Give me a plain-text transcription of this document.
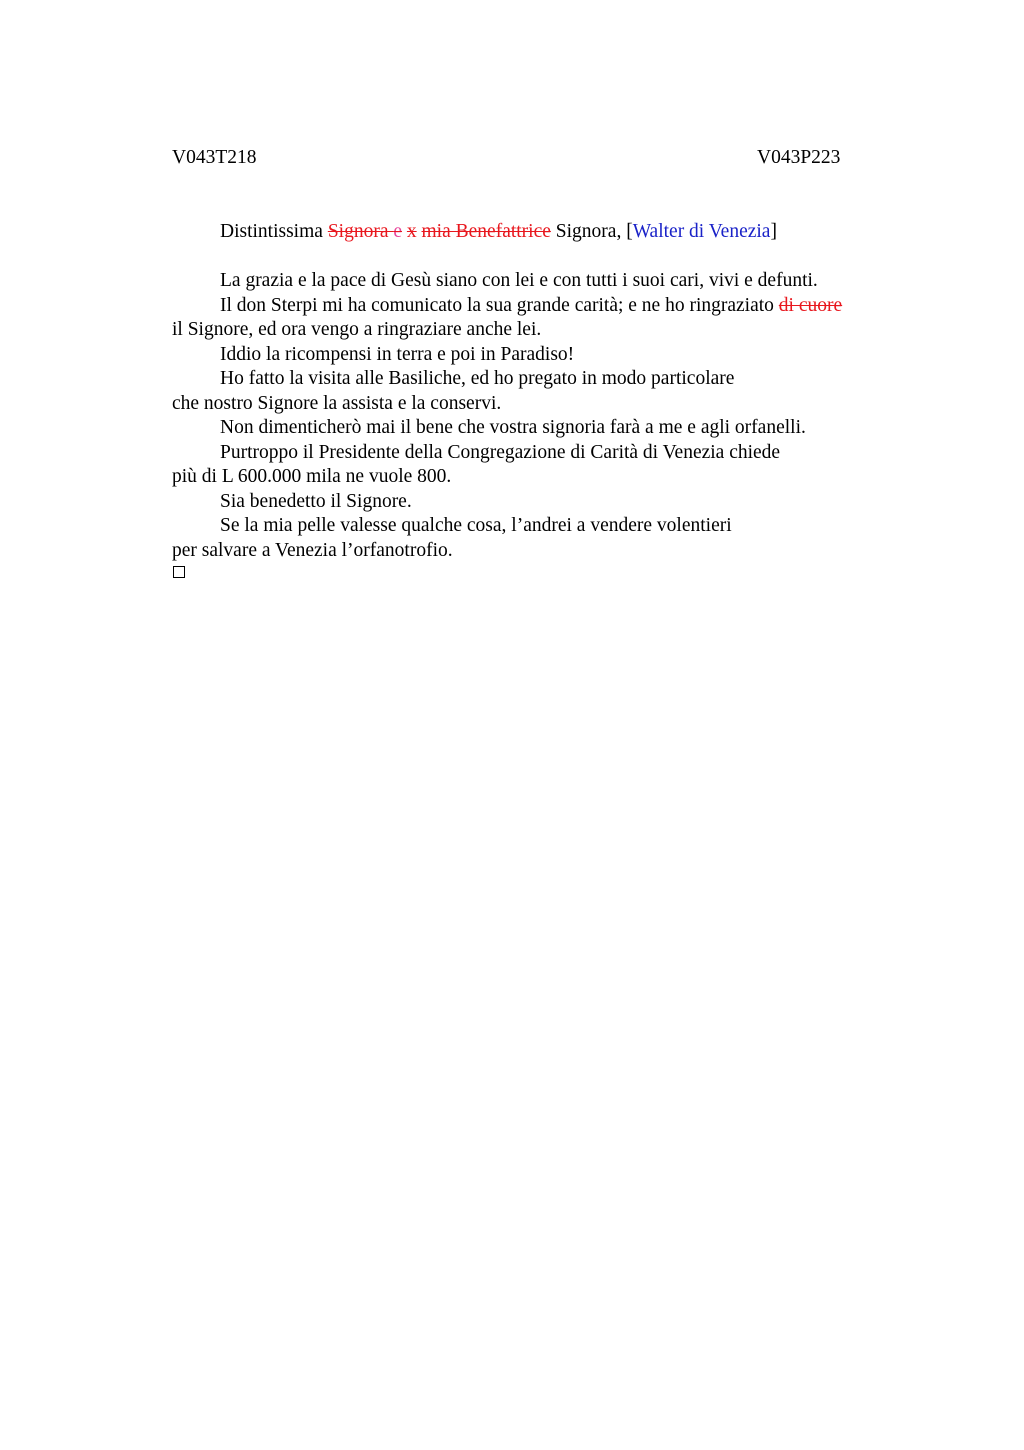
V043T218	V043P223
Distintissima Signora e x mia Benefattrice Signora, [Walter di Venezia]
La grazia e la pace di Gesù siano con lei e con tutti i suoi cari, vivi e defunti.
Il don Sterpi mi ha comunicato la sua grande carità; e ne ho ringraziato di cuore
il Signore, ed ora vengo a ringraziare anche lei.
Iddio la ricompensi in terra e poi in Paradiso!
Ho fatto la visita alle Basiliche, ed ho pregato in modo particolare
che nostro Signore la assista e la conservi.
Non dimenticherò mai il bene che vostra signoria farà a me e agli orfanelli.
Purtroppo il Presidente della Congregazione di Carità di Venezia chiede
più di L 600.000 mila ne vuole 800.
Sia benedetto il Signore.
Se la mia pelle valesse qualche cosa, l’andrei a vendere volentieri
per salvare a Venezia l’orfanotrofio.
